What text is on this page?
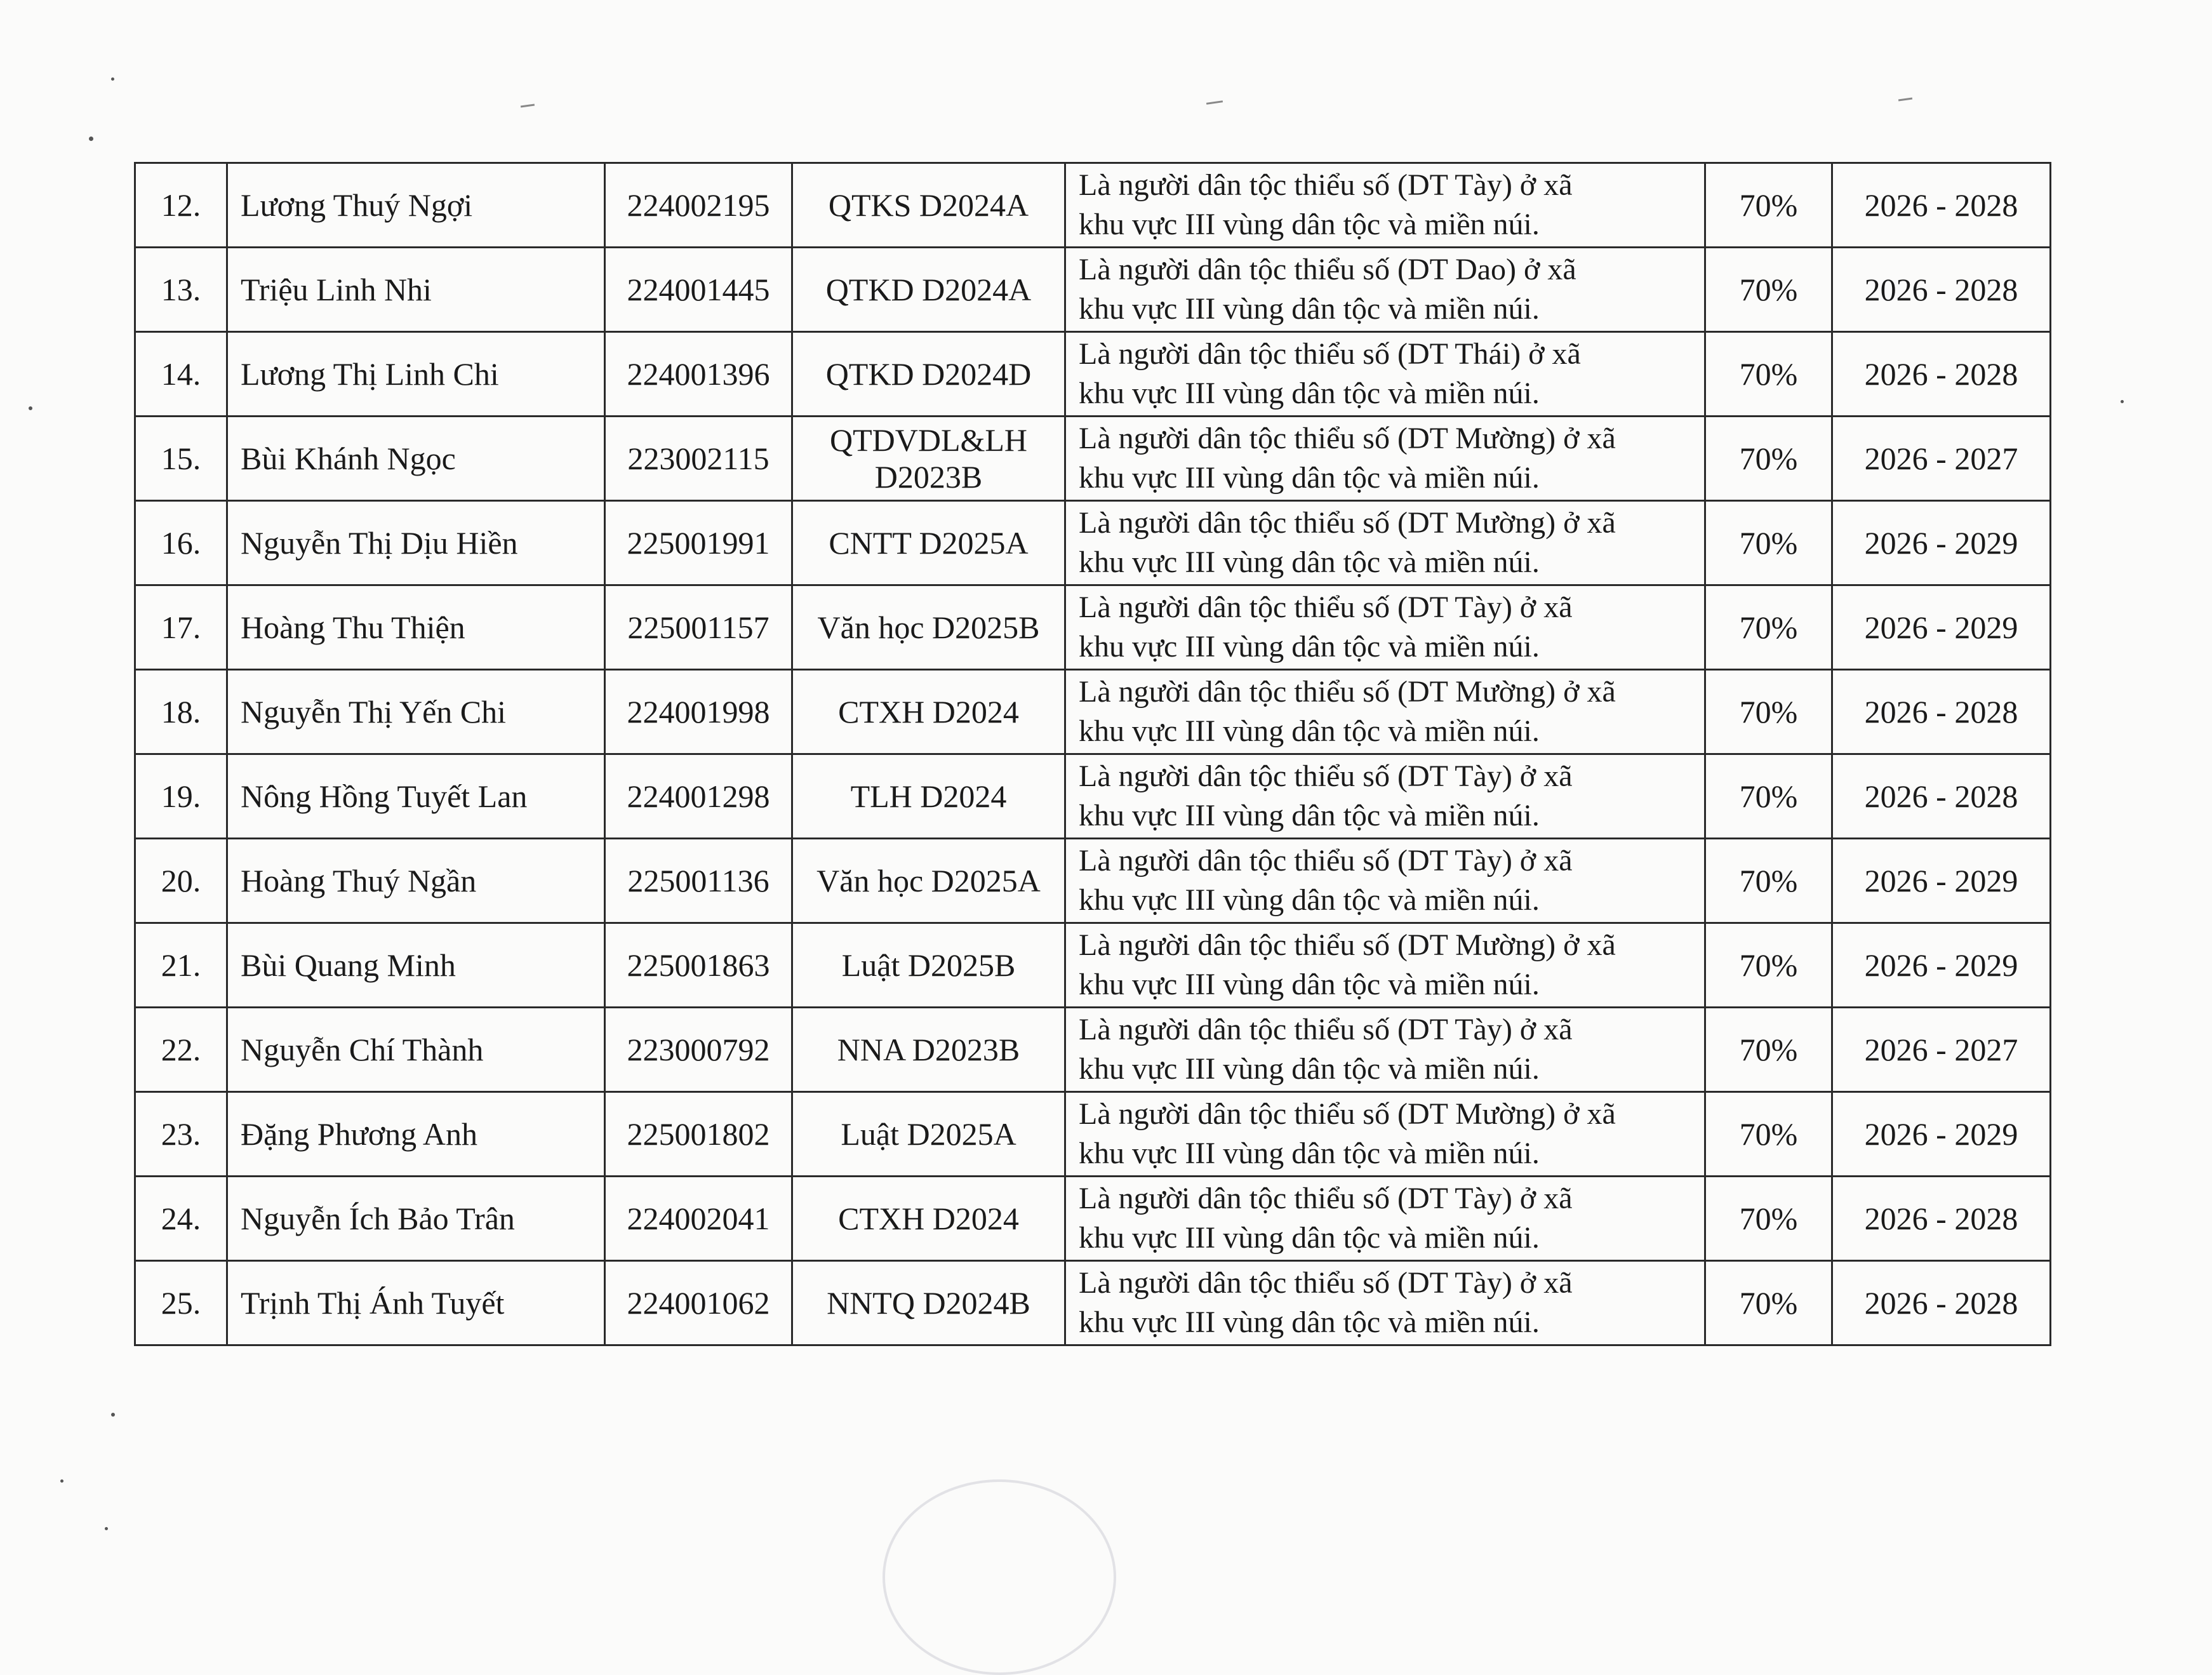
12.	Lương Thuý Ngợi	224002195	QTKS D2024A	Là người dân tộc thiểu số (DT Tày) ở xã
khu vực III vùng dân tộc và miền núi.	70%	2026 - 2028
13.	Triệu Linh Nhi	224001445	QTKD D2024A	Là người dân tộc thiểu số (DT Dao) ở xã
khu vực III vùng dân tộc và miền núi.	70%	2026 - 2028
14.	Lương Thị Linh Chi	224001396	QTKD D2024D	Là người dân tộc thiểu số (DT Thái) ở xã
khu vực III vùng dân tộc và miền núi.	70%	2026 - 2028
15.	Bùi Khánh Ngọc	223002115	QTDVDL&LH
D2023B	Là người dân tộc thiểu số (DT Mường) ở xã
khu vực III vùng dân tộc và miền núi.	70%	2026 - 2027
16.	Nguyễn Thị Dịu Hiền	225001991	CNTT D2025A	Là người dân tộc thiểu số (DT Mường) ở xã
khu vực III vùng dân tộc và miền núi.	70%	2026 - 2029
17.	Hoàng Thu Thiện	225001157	Văn học D2025B	Là người dân tộc thiểu số (DT Tày) ở xã
khu vực III vùng dân tộc và miền núi.	70%	2026 - 2029
18.	Nguyễn Thị Yến Chi	224001998	CTXH D2024	Là người dân tộc thiểu số (DT Mường) ở xã
khu vực III vùng dân tộc và miền núi.	70%	2026 - 2028
19.	Nông Hồng Tuyết Lan	224001298	TLH D2024	Là người dân tộc thiểu số (DT Tày) ở xã
khu vực III vùng dân tộc và miền núi.	70%	2026 - 2028
20.	Hoàng Thuý Ngần	225001136	Văn học D2025A	Là người dân tộc thiểu số (DT Tày) ở xã
khu vực III vùng dân tộc và miền núi.	70%	2026 - 2029
21.	Bùi Quang Minh	225001863	Luật D2025B	Là người dân tộc thiểu số (DT Mường) ở xã
khu vực III vùng dân tộc và miền núi.	70%	2026 - 2029
22.	Nguyễn Chí Thành	223000792	NNA D2023B	Là người dân tộc thiểu số (DT Tày) ở xã
khu vực III vùng dân tộc và miền núi.	70%	2026 - 2027
23.	Đặng Phương Anh	225001802	Luật D2025A	Là người dân tộc thiểu số (DT Mường) ở xã
khu vực III vùng dân tộc và miền núi.	70%	2026 - 2029
24.	Nguyễn Ích Bảo Trân	224002041	CTXH D2024	Là người dân tộc thiểu số (DT Tày) ở xã
khu vực III vùng dân tộc và miền núi.	70%	2026 - 2028
25.	Trịnh Thị Ánh Tuyết	224001062	NNTQ D2024B	Là người dân tộc thiểu số (DT Tày) ở xã
khu vực III vùng dân tộc và miền núi.	70%	2026 - 2028
